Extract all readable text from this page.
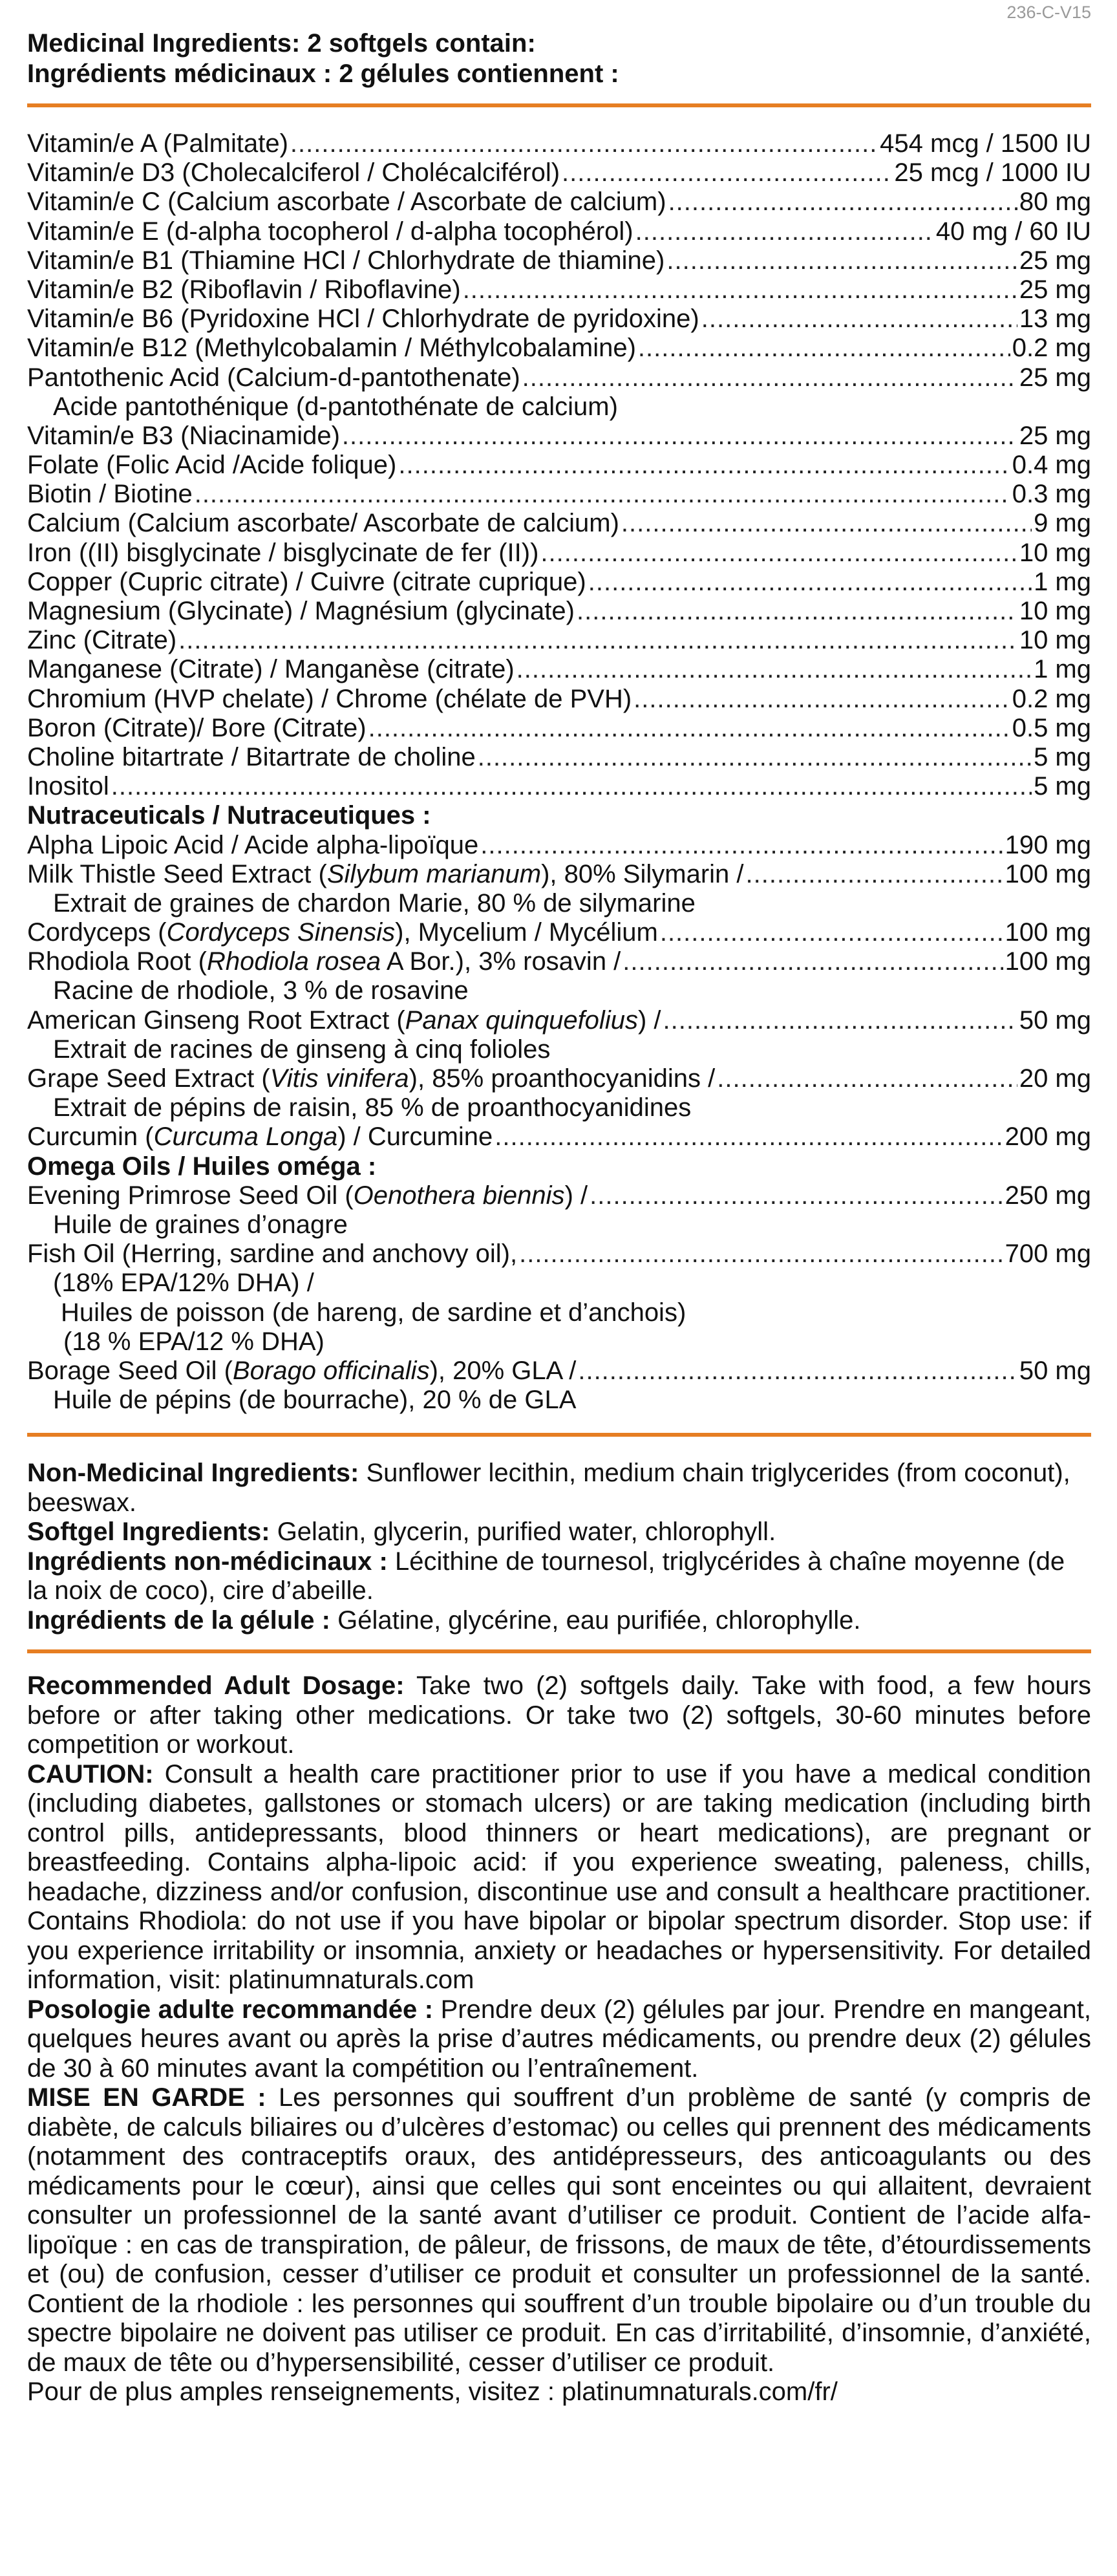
236-C-V15
Medicinal Ingredients: 2 softgels contain:
Ingrédients médicinaux : 2 gélules contiennent :
Vitamin/e A (Palmitate) .....	454 mcg / 1500 IU
Vitamin/e D3 (Cholecalciferol / Cholécalciférol) .....	25 mcg / 1000 IU
Vitamin/e C (Calcium ascorbate / Ascorbate de calcium) .....	80 mg
Vitamin/e E (d-alpha tocopherol / d-alpha tocophérol) .....	40 mg / 60 IU
Vitamin/e B1 (Thiamine HCl / Chlorhydrate de thiamine) .....	25 mg
Vitamin/e B2 (Riboflavin / Riboflavine) .....	25 mg
Vitamin/e B6 (Pyridoxine HCl / Chlorhydrate de pyridoxine) .....	13 mg
Vitamin/e B12 (Methylcobalamin / Méthylcobalamine) .....	0.2 mg
Pantothenic Acid (Calcium-d-pantothenate) .....	25 mg
Acide pantothénique (d-pantothénate de calcium)
Vitamin/e B3 (Niacinamide) .....	25 mg
Folate (Folic Acid /Acide folique) .....	0.4 mg
Biotin / Biotine .....	0.3 mg
Calcium (Calcium ascorbate/ Ascorbate de calcium) .....	9 mg
Iron ((II) bisglycinate / bisglycinate de fer (II)) .....	10 mg
Copper (Cupric citrate) / Cuivre (citrate cuprique) .....	1 mg
Magnesium (Glycinate) / Magnésium (glycinate) .....	10 mg
Zinc (Citrate) .....	10 mg
Manganese (Citrate) / Manganèse (citrate) .....	1 mg
Chromium (HVP chelate) / Chrome (chélate de PVH) .....	0.2 mg
Boron (Citrate)/ Bore (Citrate) .....	0.5 mg
Choline bitartrate / Bitartrate de choline .....	5 mg
Inositol .....	5 mg
Nutraceuticals / Nutraceutiques :
Alpha Lipoic Acid / Acide alpha-lipoïque .....	190 mg
Milk Thistle Seed Extract (Silybum marianum), 80% Silymarin / .....	100 mg
Extrait de graines de chardon Marie, 80 % de silymarine
Cordyceps (Cordyceps Sinensis), Mycelium / Mycélium .....	100 mg
Rhodiola Root (Rhodiola rosea A Bor.), 3% rosavin / .....	100 mg
Racine de rhodiole, 3 % de rosavine
American Ginseng Root Extract (Panax quinquefolius) / .....	50 mg
Extrait de racines de ginseng à cinq folioles
Grape Seed Extract (Vitis vinifera), 85% proanthocyanidins / .....	20 mg
Extrait de pépins de raisin, 85 % de proanthocyanidines
Curcumin (Curcuma Longa) / Curcumine .....	200 mg
Omega Oils / Huiles oméga :
Evening Primrose Seed Oil (Oenothera biennis) / .....	250 mg
Huile de graines d’onagre
Fish Oil (Herring, sardine and anchovy oil), .....	700 mg
(18% EPA/12% DHA) /
Huiles de poisson (de hareng, de sardine et d’anchois)
(18 % EPA/12 % DHA)
Borage Seed Oil (Borago officinalis), 20% GLA / .....	50 mg
Huile de pépins (de bourrache), 20 % de GLA

Non-Medicinal Ingredients: Sunflower lecithin, medium chain triglycerides (from coconut), beeswax.

Softgel Ingredients: Gelatin, glycerin, purified water, chlorophyll.

Ingrédients non-médicinaux : Lécithine de tournesol, triglycérides à chaîne moyenne (de la noix de coco), cire d’abeille.

Ingrédients de la gélule : Gélatine, glycérine, eau purifiée, chlorophylle.

Recommended Adult Dosage: Take two (2) softgels daily. Take with food, a few hours before or after taking other medications. Or take two (2) softgels, 30-60 minutes before competition or workout.

CAUTION: Consult a health care practitioner prior to use if you have a medical condition (including diabetes, gallstones or stomach ulcers) or are taking medication (including birth control pills, antidepressants, blood thinners or heart medications), are pregnant or breastfeeding. Contains alpha-lipoic acid: if you experience sweating, paleness, chills, headache, dizziness and/or confusion, discontinue use and consult a healthcare practitioner. Contains Rhodiola: do not use if you have bipolar or bipolar spectrum disorder. Stop use: if you experience irritability or insomnia, anxiety or headaches or hypersensitivity. For detailed information, visit: platinumnaturals.com

Posologie adulte recommandée : Prendre deux (2) gélules par jour. Prendre en mangeant, quelques heures avant ou après la prise d’autres médicaments, ou prendre deux (2) gélules de 30 à 60 minutes avant la compétition ou l’entraînement.

MISE EN GARDE : Les personnes qui souffrent d’un problème de santé (y compris de diabète, de calculs biliaires ou d’ulcères d’estomac) ou celles qui prennent des médicaments (notamment des contraceptifs oraux, des antidépresseurs, des anticoagulants ou des médicaments pour le cœur), ainsi que celles qui sont enceintes ou qui allaitent, devraient consulter un professionnel de la santé avant d’utiliser ce produit. Contient de l’acide alfa-lipoïque : en cas de transpiration, de pâleur, de frissons, de maux de tête, d’étourdissements et (ou) de confusion, cesser d’utiliser ce produit et consulter un professionnel de la santé. Contient de la rhodiole : les personnes qui souffrent d’un trouble bipolaire ou d’un trouble du spectre bipolaire ne doivent pas utiliser ce produit. En cas d’irritabilité, d’insomnie, d’anxiété, de maux de tête ou d’hypersensibilité, cesser d’utiliser ce produit.

Pour de plus amples renseignements, visitez : platinumnaturals.com/fr/
